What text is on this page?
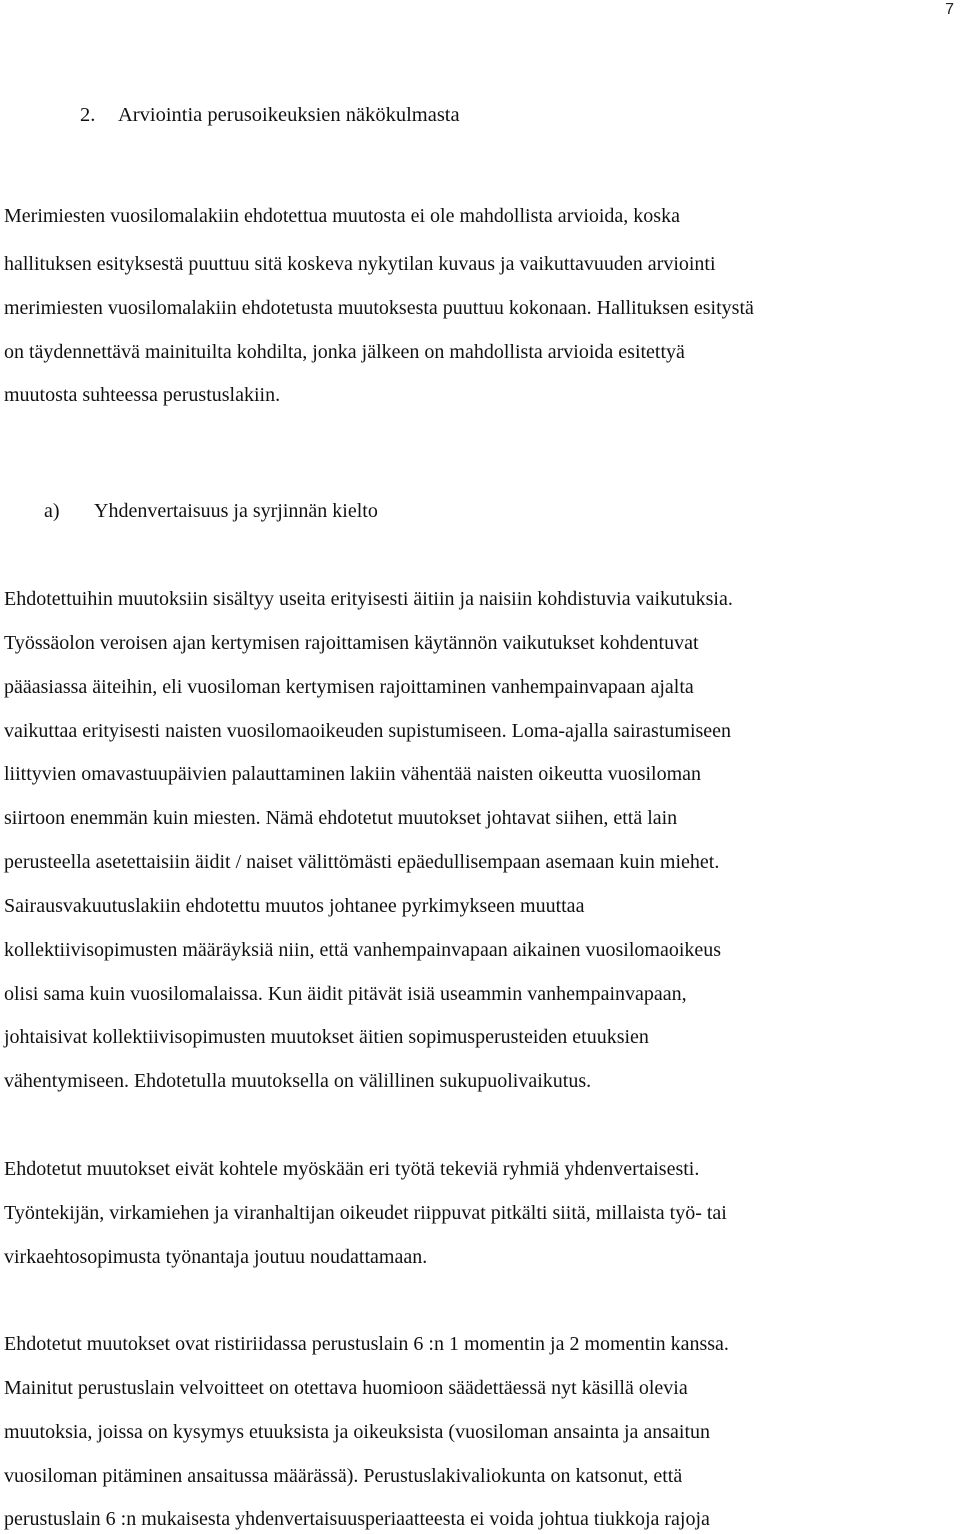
7
2. Arviointia perusoikeuksien näkökulmasta

Merimiesten vuosilomalakiin ehdotettua muutosta ei ole mahdollista arvioida, koska

hallituksen esityksestä puuttuu sitä koskeva nykytilan kuvaus ja vaikuttavuuden arviointi

merimiesten vuosilomalakiin ehdotetusta muutoksesta puuttuu kokonaan. Hallituksen esitystä

on täydennettävä mainituilta kohdilta, jonka jälkeen on mahdollista arvioida esitettyä

muutosta suhteessa perustuslakiin.

a) Yhdenvertaisuus ja syrjinnän kielto

Ehdotettuihin muutoksiin sisältyy useita erityisesti äitiin ja naisiin kohdistuvia vaikutuksia.

Työssäolon veroisen ajan kertymisen rajoittamisen käytännön vaikutukset kohdentuvat

pääasiassa äiteihin, eli vuosiloman kertymisen rajoittaminen vanhempainvapaan ajalta

vaikuttaa erityisesti naisten vuosilomaoikeuden supistumiseen. Loma-ajalla sairastumiseen

liittyvien omavastuupäivien palauttaminen lakiin vähentää naisten oikeutta vuosiloman

siirtoon enemmän kuin miesten. Nämä ehdotetut muutokset johtavat siihen, että lain

perusteella asetettaisiin äidit / naiset välittömästi epäedullisempaan asemaan kuin miehet.

Sairausvakuutuslakiin ehdotettu muutos johtanee pyrkimykseen muuttaa

kollektiivisopimusten määräyksiä niin, että vanhempainvapaan aikainen vuosilomaoikeus

olisi sama kuin vuosilomalaissa. Kun äidit pitävät isiä useammin vanhempainvapaan,

johtaisivat kollektiivisopimusten muutokset äitien sopimusperusteiden etuuksien

vähentymiseen. Ehdotetulla muutoksella on välillinen sukupuolivaikutus.

Ehdotetut muutokset eivät kohtele myöskään eri työtä tekeviä ryhmiä yhdenvertaisesti.

Työntekijän, virkamiehen ja viranhaltijan oikeudet riippuvat pitkälti siitä, millaista työ- tai

virkaehtosopimusta työnantaja joutuu noudattamaan.

Ehdotetut muutokset ovat ristiriidassa perustuslain 6 :n 1 momentin ja 2 momentin kanssa.

Mainitut perustuslain velvoitteet on otettava huomioon säädettäessä nyt käsillä olevia

muutoksia, joissa on kysymys etuuksista ja oikeuksista (vuosiloman ansainta ja ansaitun

vuosiloman pitäminen ansaitussa määrässä). Perustuslakivaliokunta on katsonut, että

perustuslain 6 :n mukaisesta yhdenvertaisuusperiaatteesta ei voida johtua tiukkoja rajoja
